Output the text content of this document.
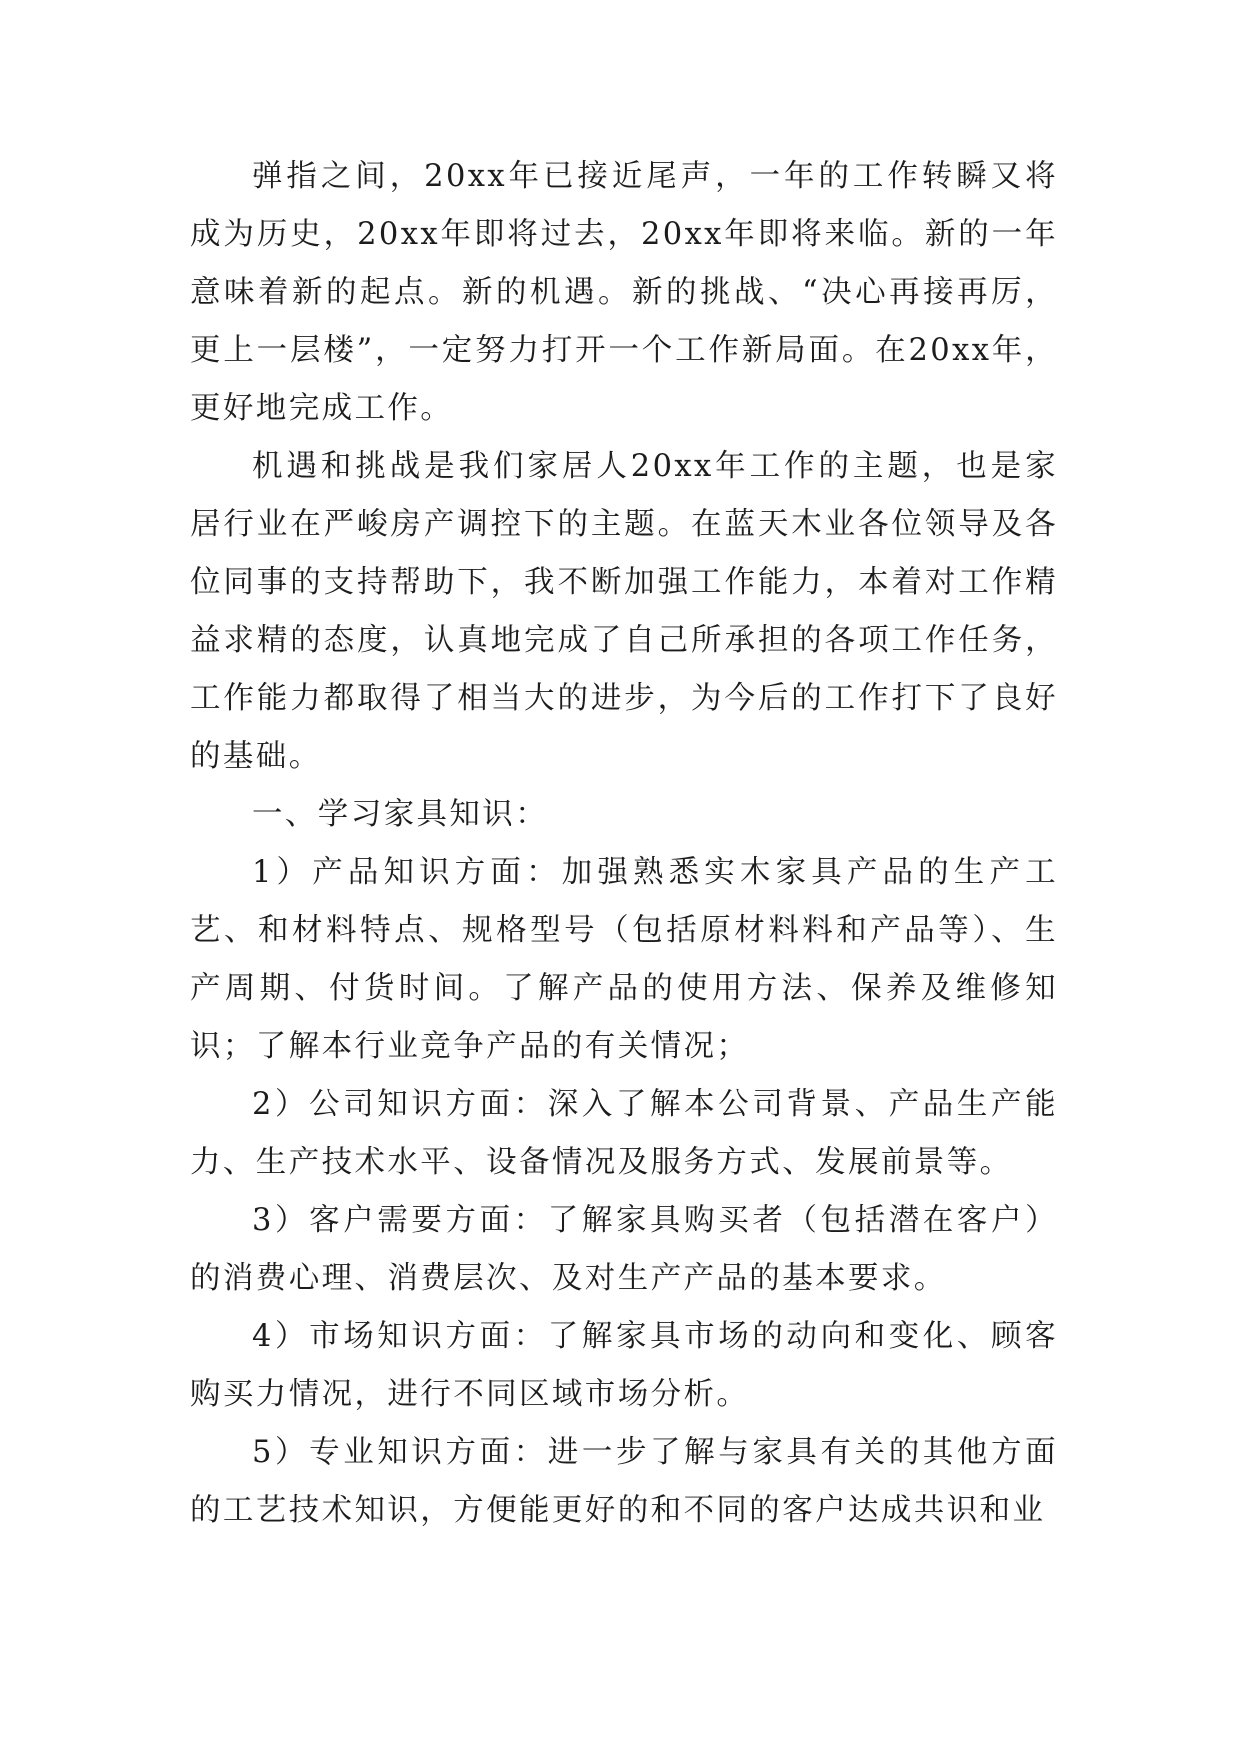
弹指之间，20xx年已接近尾声，一年的工作转瞬又将成为历史，20xx年即将过去，20xx年即将来临。新的一年意味着新的起点。新的机遇。新的挑战、“决心再接再厉，更上一层楼”，一定努力打开一个工作新局面。在20xx年，更好地完成工作。

机遇和挑战是我们家居人20xx年工作的主题，也是家居行业在严峻房产调控下的主题。在蓝天木业各位领导及各位同事的支持帮助下，我不断加强工作能力，本着对工作精益求精的态度，认真地完成了自己所承担的各项工作任务，工作能力都取得了相当大的进步，为今后的工作打下了良好的基础。

一、学习家具知识：

1）产品知识方面：加强熟悉实木家具产品的生产工艺、和材料特点、规格型号（包括原材料料和产品等）、生产周期、付货时间。了解产品的使用方法、保养及维修知识；了解本行业竞争产品的有关情况；

2）公司知识方面：深入了解本公司背景、产品生产能力、生产技术水平、设备情况及服务方式、发展前景等。

3）客户需要方面：了解家具购买者（包括潜在客户）的消费心理、消费层次、及对生产产品的基本要求。

4）市场知识方面：了解家具市场的动向和变化、顾客购买力情况，进行不同区域市场分析。

5）专业知识方面：进一步了解与家具有关的其他方面的工艺技术知识，方便能更好的和不同的客户达成共识和业
